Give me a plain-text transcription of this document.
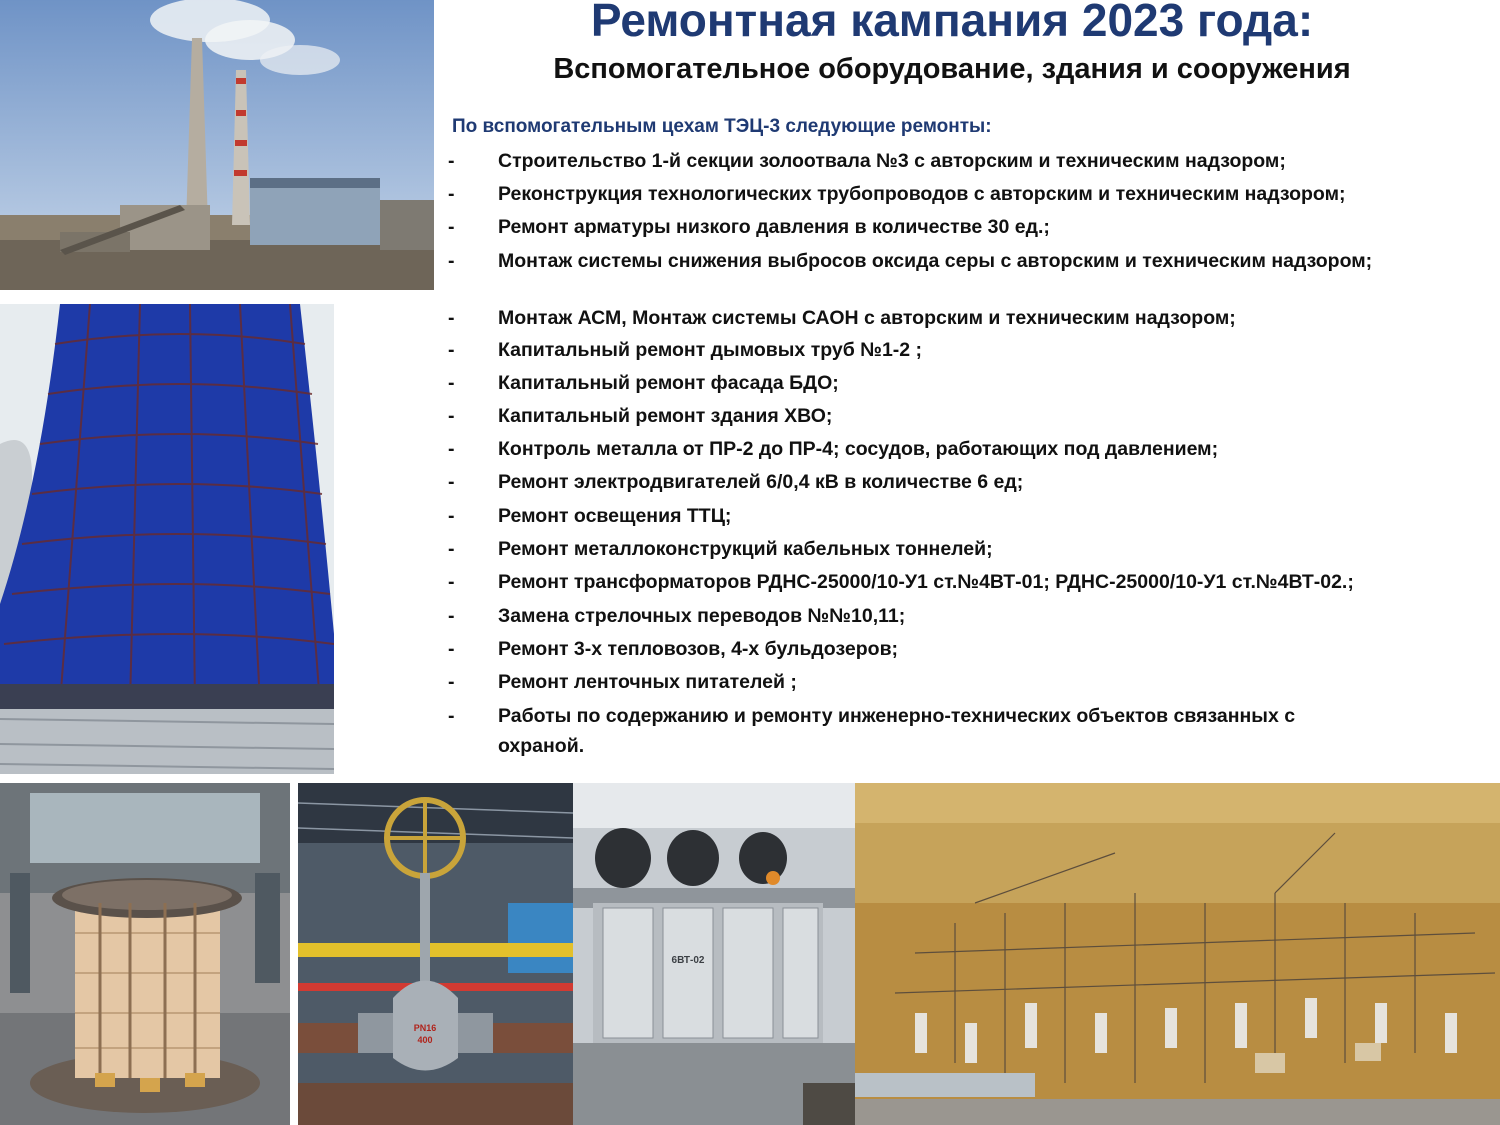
PN16
400
6ВТ-02
Ремонтная кампания 2023 года:
Вспомогательное оборудование, здания и сооружения
По вспомогательным цехам ТЭЦ-3 следующие ремонты:
- Строительство 1-й секции золоотвала №3 с авторским и техническим надзором;
- Реконструкция технологических трубопроводов с авторским и техническим надзором;
- Ремонт арматуры низкого давления в количестве 30 ед.;
- Монтаж системы снижения выбросов оксида серы с авторским и техническим надзором;
- Монтаж АСМ, Монтаж системы САОН с авторским и техническим надзором;
- Капитальный ремонт дымовых труб №1-2 ;
- Капитальный ремонт фасада БДО;
- Капитальный ремонт здания ХВО;
- Контроль металла от ПР-2 до ПР-4; сосудов, работающих под давлением;
- Ремонт электродвигателей 6/0,4 кВ в количестве 6 ед;
- Ремонт освещения ТТЦ;
- Ремонт металлоконструкций кабельных тоннелей;
- Ремонт трансформаторов РДНС-25000/10-У1 ст.№4ВТ-01; РДНС-25000/10-У1 ст.№4ВТ-02.;
- Замена стрелочных переводов №№10,11;
- Ремонт 3-х тепловозов, 4-х бульдозеров;
- Ремонт ленточных питателей ;
- Работы по содержанию и ремонту инженерно-технических объектов связанных с охраной.
